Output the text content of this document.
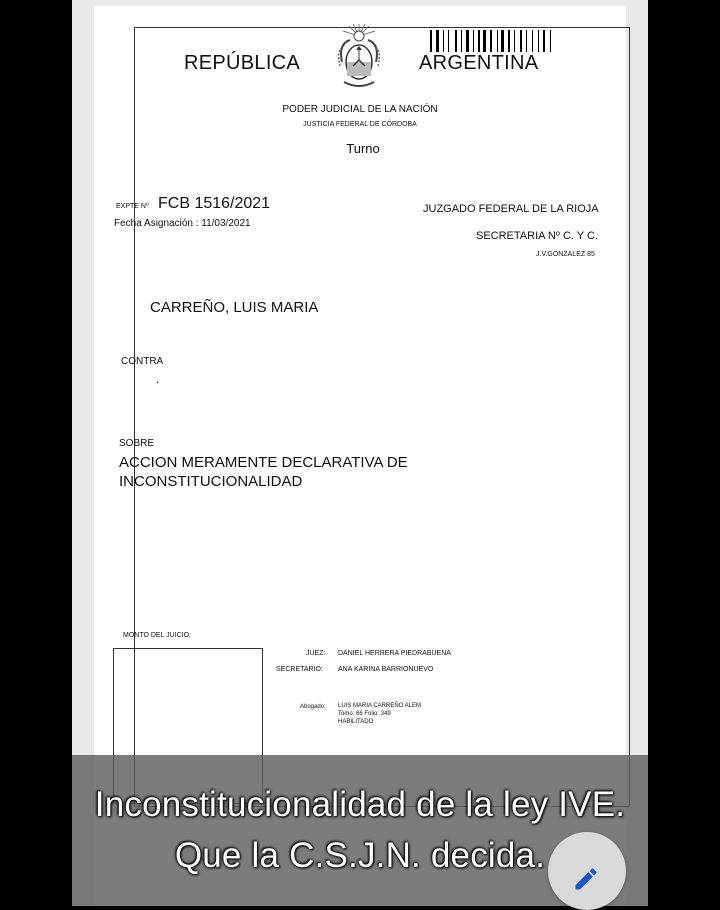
REPÚBLICA	ARGENTINA
PODER JUDICIAL DE LA NACIÓN
JUSTICIA FEDERAL DE CÓRDOBA
Turno
EXPTE Nº FCB 1516/2021
Fecha Asignación : 11/03/2021
JUZGADO FEDERAL DE LA RIOJA
SECRETARIA Nº C. Y C.
J.V.GONZALEZ 85
CARREÑO, LUIS MARIA
CONTRA
.
SOBRE
ACCION MERAMENTE DECLARATIVA DE
INCONSTITUCIONALIDAD
MONTO DEL JUICIO:
JUEZ: DANIEL HERRERA PIEDRABUENA
SECRETARIO: ANA KARINA BARRIONUEVO
Abogado: LUIS MARIA CARREÑO ALEM
Tomo: 66 Folio: 349
HABILITADO
Inconstitucionalidad de la ley IVE.
Que la C.S.J.N. decida.
